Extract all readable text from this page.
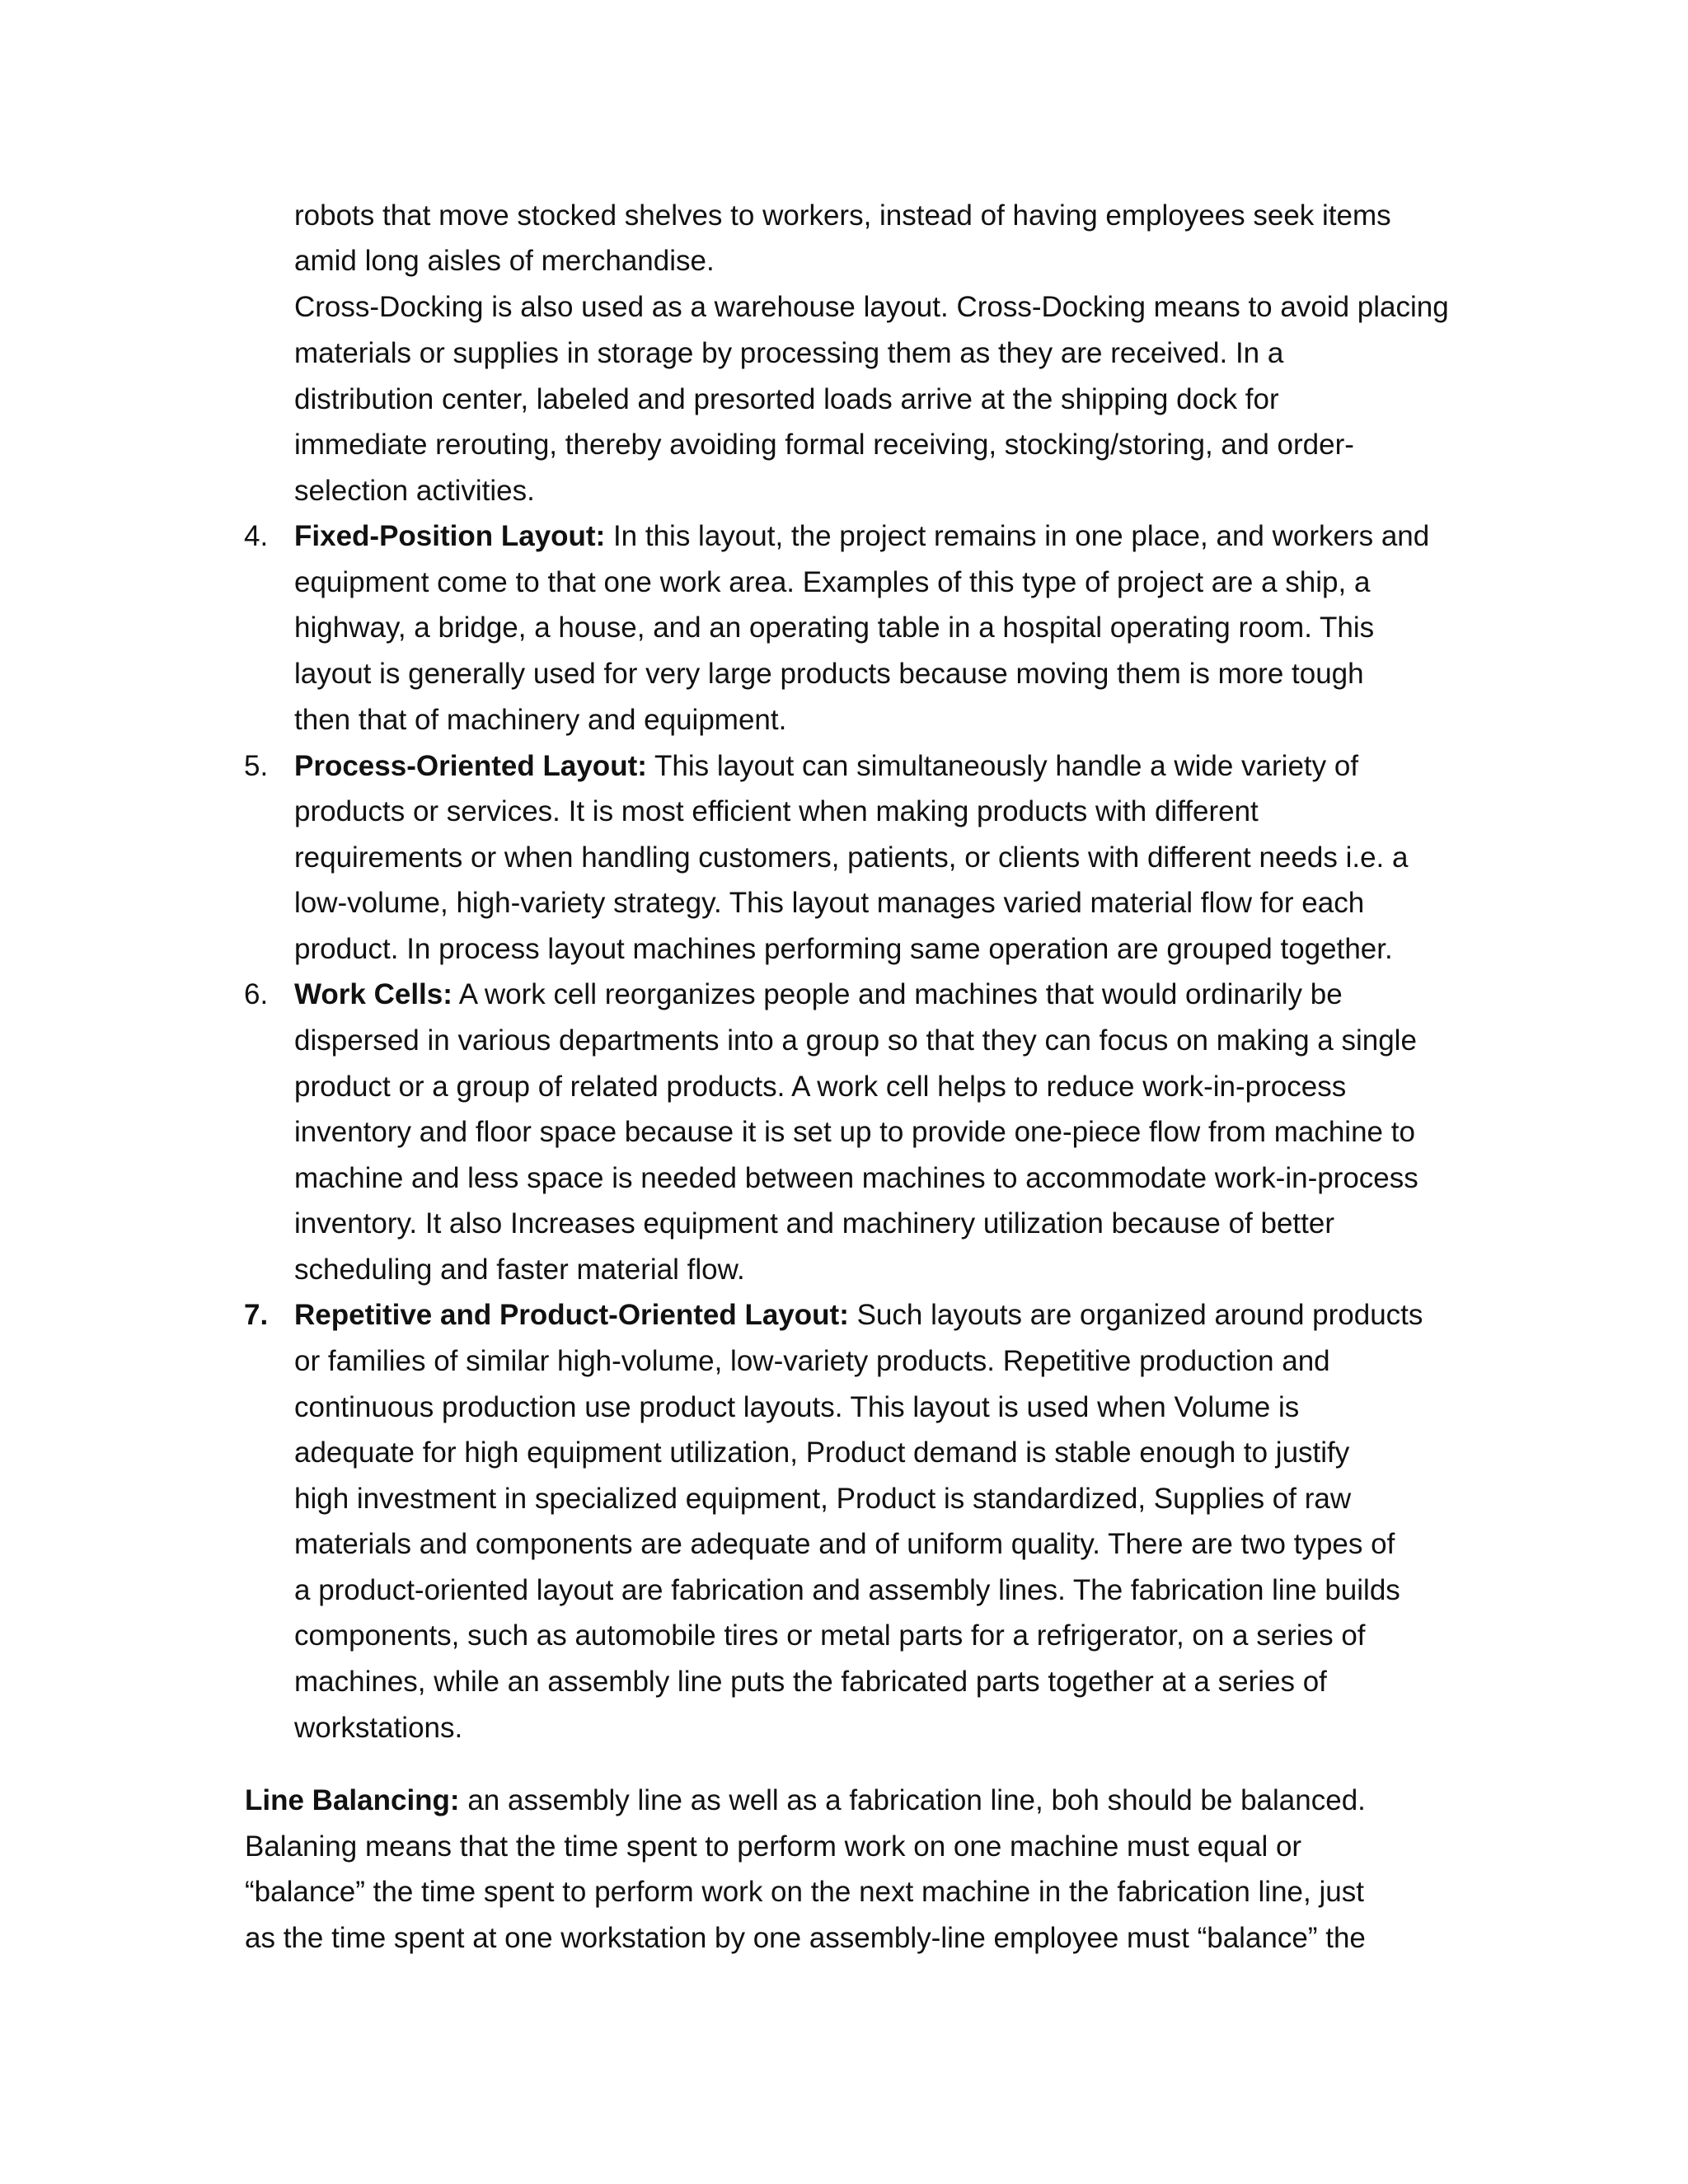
robots that move stocked shelves to workers, instead of having employees seek items
amid long aisles of merchandise.
Cross-Docking is also used as a warehouse layout. Cross-Docking means to avoid placing
materials or supplies in storage by processing them as they are received. In a
distribution center, labeled and presorted loads arrive at the shipping dock for
immediate rerouting, thereby avoiding formal receiving, stocking/storing, and order-
selection activities.
4. Fixed-Position Layout: In this layout, the project remains in one place, and workers and
equipment come to that one work area. Examples of this type of project are a ship, a
highway, a bridge, a house, and an operating table in a hospital operating room. This
layout is generally used for very large products because moving them is more tough
then that of machinery and equipment.
5. Process-Oriented Layout: This layout can simultaneously handle a wide variety of
products or services. It is most efficient when making products with different
requirements or when handling customers, patients, or clients with different needs i.e. a
low-volume, high-variety strategy. This layout manages varied material flow for each
product. In process layout machines performing same operation are grouped together.
6. Work Cells: A work cell reorganizes people and machines that would ordinarily be
dispersed in various departments into a group so that they can focus on making a single
product or a group of related products. A work cell helps to reduce work-in-process
inventory and floor space because it is set up to provide one-piece flow from machine to
machine and less space is needed between machines to accommodate work-in-process
inventory. It also Increases equipment and machinery utilization because of better
scheduling and faster material flow.
7. Repetitive and Product-Oriented Layout: Such layouts are organized around products
or families of similar high-volume, low-variety products. Repetitive production and
continuous production use product layouts. This layout is used when Volume is
adequate for high equipment utilization, Product demand is stable enough to justify
high investment in specialized equipment, Product is standardized, Supplies of raw
materials and components are adequate and of uniform quality. There are two types of
a product-oriented layout are fabrication and assembly lines. The fabrication line builds
components, such as automobile tires or metal parts for a refrigerator, on a series of
machines, while an assembly line puts the fabricated parts together at a series of
workstations.
Line Balancing: an assembly line as well as a fabrication line, boh should be balanced.
Balaning means that the time spent to perform work on one machine must equal or
“balance” the time spent to perform work on the next machine in the fabrication line, just
as the time spent at one workstation by one assembly-line employee must “balance” the
